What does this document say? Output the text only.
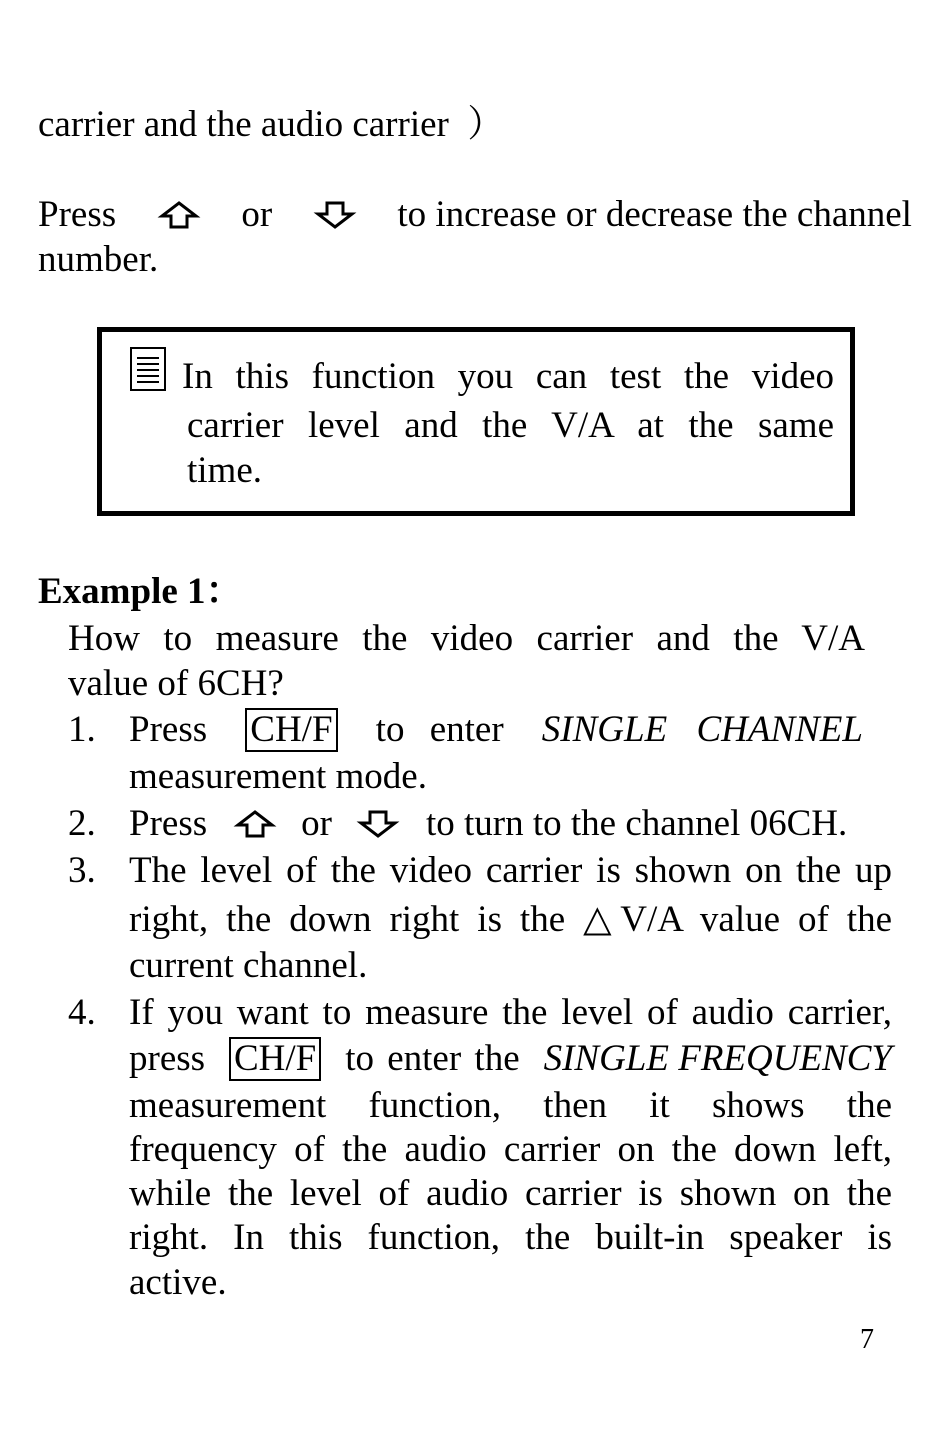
carrier and the audio carrier  ）
Press	or	to increase or decrease the channel
number.
In this function you can test the video
carrier level and the V/A at the same
time.
Example 1：
How to measure the video carrier and the V/A
value of 6CH?
1. Press CH/F to enter SINGLE CHANNEL
measurement mode.
2. Press	or	to turn to the channel 06CH.
3. The level of the video carrier is shown on the up
right, the down right is the △V/A value of the
current channel.
4. If you want to measure the level of audio carrier,
press CH/F to enter the SINGLE FREQUENCY
measurement function, then it shows the
frequency of the audio carrier on the down left,
while the level of audio carrier is shown on the
right. In this function, the built-in speaker is
active.
7
